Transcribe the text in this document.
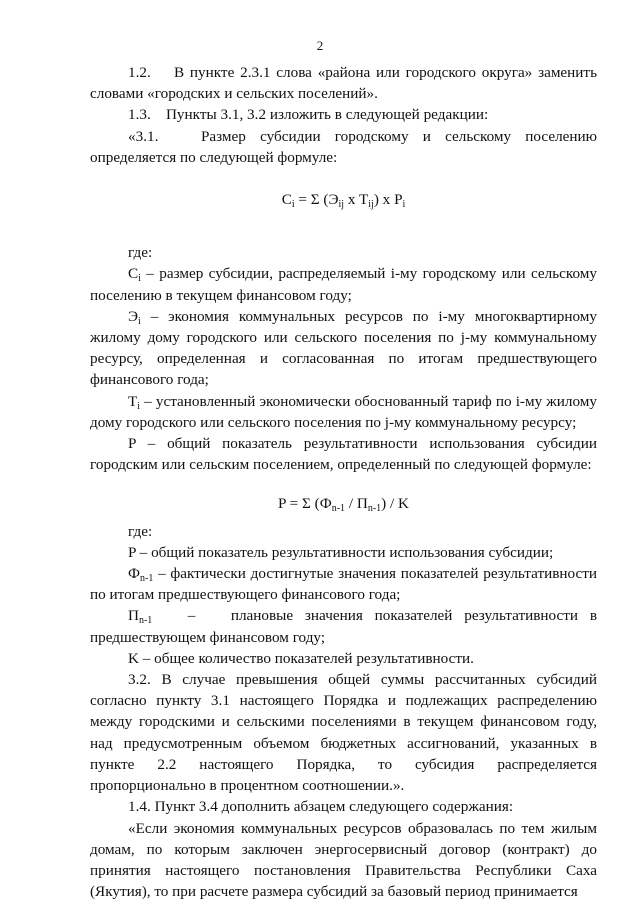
2

1.2.    В пункте 2.3.1 слова «района или городского округа» заменить словами «городских и сельских поселений».

1.3.    Пункты 3.1, 3.2 изложить в следующей редакции:

«3.1.   Размер субсидии городскому и сельскому поселению определяется по следующей формуле:

$C_i = \Sigma$ ($Э_{ij}$ x $T_{ij}$) x $P_i$

где:

$C_i$ – размер субсидии, распределяемый i-му городскому или сельскому поселению в текущем финансовом году;

$Э_i$ – экономия коммунальных ресурсов по i-му многоквартирному жилому дому городского или сельского поселения по j-му коммунальному ресурсу, определенная и согласованная по итогам предшествующего финансового года;

$T_i$ – установленный экономически обоснованный тариф по i-му жилому дому городского или сельского поселения по j-му коммунальному ресурсу;

P – общий показатель результативности использования субсидии городским или сельским поселением, определенный по следующей формуле:

P = Σ $(Ф_{n-1} / П_{n-1})$ / K

где:

P – общий показатель результативности использования субсидии;

$Ф_{n-1}$ – фактически достигнутые значения показателей результативности по итогам предшествующего финансового года;

$П_{n-1}$   –   плановые значения показателей результативности в предшествующем финансовом году;

K – общее количество показателей результативности.

3.2. В случае превышения общей суммы рассчитанных субсидий согласно пункту 3.1 настоящего Порядка и подлежащих распределению между городскими и сельскими поселениями в текущем финансовом году, над предусмотренным объемом бюджетных ассигнований, указанных в пункте 2.2 настоящего Порядка, то субсидия распределяется пропорционально в процентном соотношении.».

1.4. Пункт 3.4 дополнить абзацем следующего содержания:

«Если экономия коммунальных ресурсов образовалась по тем жилым домам, по которым заключен энергосервисный договор (контракт) до принятия настоящего постановления Правительства Республики Саха (Якутия), то при расчете размера субсидий за базовый период принимается
